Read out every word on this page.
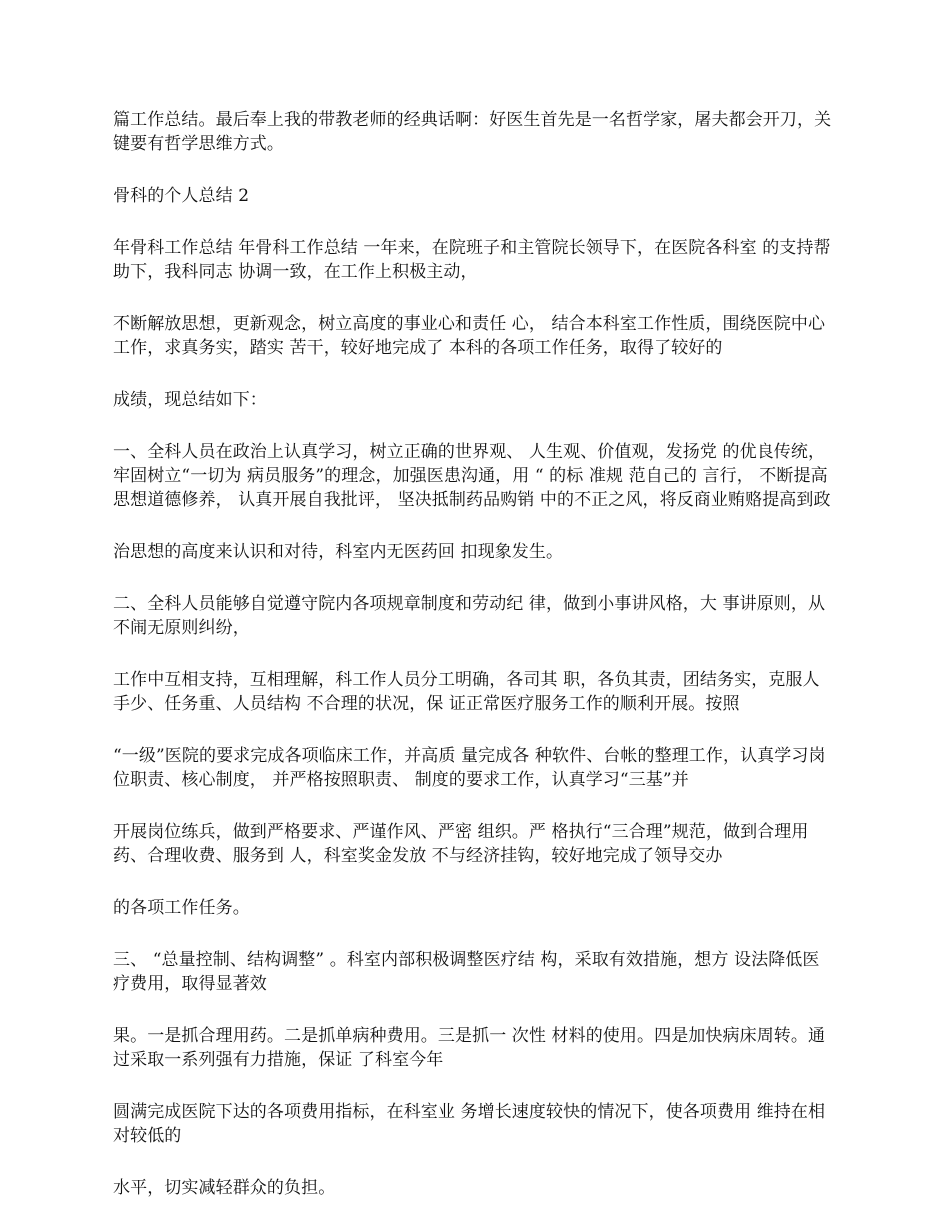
篇工作总结。最后奉上我的带教老师的经典话啊：好医生首先是一名哲学家，屠夫都会开刀，关键要有哲学思维方式。

骨科的个人总结 2

年骨科工作总结 年骨科工作总结 一年来，在院班子和主管院长领导下，在医院各科室 的支持帮助下，我科同志 协调一致，在工作上积极主动，

不断解放思想，更新观念，树立高度的事业心和责任 心， 结合本科室工作性质，围绕医院中心工作，求真务实，踏实 苦干，较好地完成了 本科的各项工作任务，取得了较好的

成绩，现总结如下：

一、全科人员在政治上认真学习，树立正确的世界观、 人生观、价值观，发扬党 的优良传统，牢固树立“一切为 病员服务”的理念，加强医患沟通，用 “ 的标 准规 范自己的 言行， 不断提高思想道德修养， 认真开展自我批评， 坚决抵制药品购销 中的不正之风，将反商业贿赂提高到政

治思想的高度来认识和对待，科室内无医药回 扣现象发生。

二、全科人员能够自觉遵守院内各项规章制度和劳动纪 律，做到小事讲风格，大 事讲原则，从不闹无原则纠纷，

工作中互相支持，互相理解，科工作人员分工明确，各司其 职，各负其责，团结务实，克服人手少、任务重、人员结构 不合理的状况，保 证正常医疗服务工作的顺利开展。按照

“一级”医院的要求完成各项临床工作，并高质 量完成各 种软件、台帐的整理工作，认真学习岗位职责、核心制度， 并严格按照职责、 制度的要求工作，认真学习“三基”并

开展岗位练兵，做到严格要求、严谨作风、严密 组织。严 格执行“三合理”规范，做到合理用药、合理收费、服务到 人，科室奖金发放 不与经济挂钩，较好地完成了领导交办

的各项工作任务。

三、 “总量控制、结构调整” 。科室内部积极调整医疗结 构，采取有效措施，想方 设法降低医疗费用，取得显著效

果。一是抓合理用药。二是抓单病种费用。三是抓一 次性 材料的使用。四是加快病床周转。通过采取一系列强有力措施，保证 了科室今年

圆满完成医院下达的各项费用指标，在科室业 务增长速度较快的情况下，使各项费用 维持在相对较低的

水平，切实减轻群众的负担。
